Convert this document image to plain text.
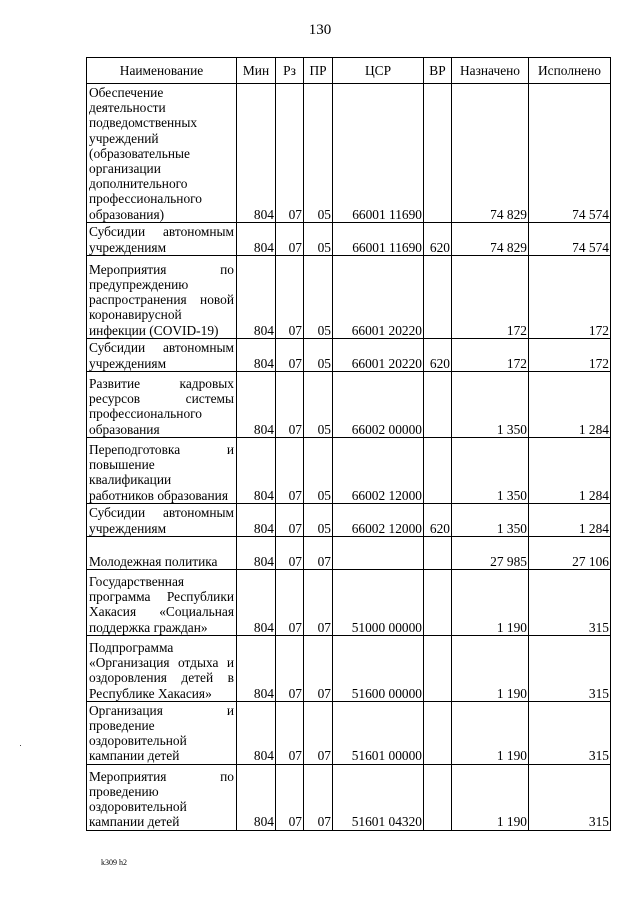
130
Наименование	Мин	Рз	ПР	ЦСР	ВР	Назначено	Исполнено
Обеспечение деятельности подведомственных учреждений (образовательные организации дополнительного профессионального образования)	804	07	05	66001 11690		74 829	74 574
Субсидии автономным учреждениям	804	07	05	66001 11690	620	74 829	74 574
Мероприятия по предупреждению распространения новой коронавирусной инфекции (COVID-19)	804	07	05	66001 20220		172	172
Субсидии автономным учреждениям	804	07	05	66001 20220	620	172	172
Развитие кадровых ресурсов системы профессионального образования	804	07	05	66002 00000		1 350	1 284
Переподготовка и повышение квалификации работников образования	804	07	05	66002 12000		1 350	1 284
Субсидии автономным учреждениям	804	07	05	66002 12000	620	1 350	1 284
Молодежная политика	804	07	07			27 985	27 106
Государственная программа Республики Хакасия «Социальная поддержка граждан»	804	07	07	51000 00000		1 190	315
Подпрограмма «Организация отдыха и оздоровления детей в Республике Хакасия»	804	07	07	51600 00000		1 190	315
Организация и проведение оздоровительной кампании детей	804	07	07	51601 00000		1 190	315
Мероприятия по проведению оздоровительной кампании детей	804	07	07	51601 04320		1 190	315
k309 h2
